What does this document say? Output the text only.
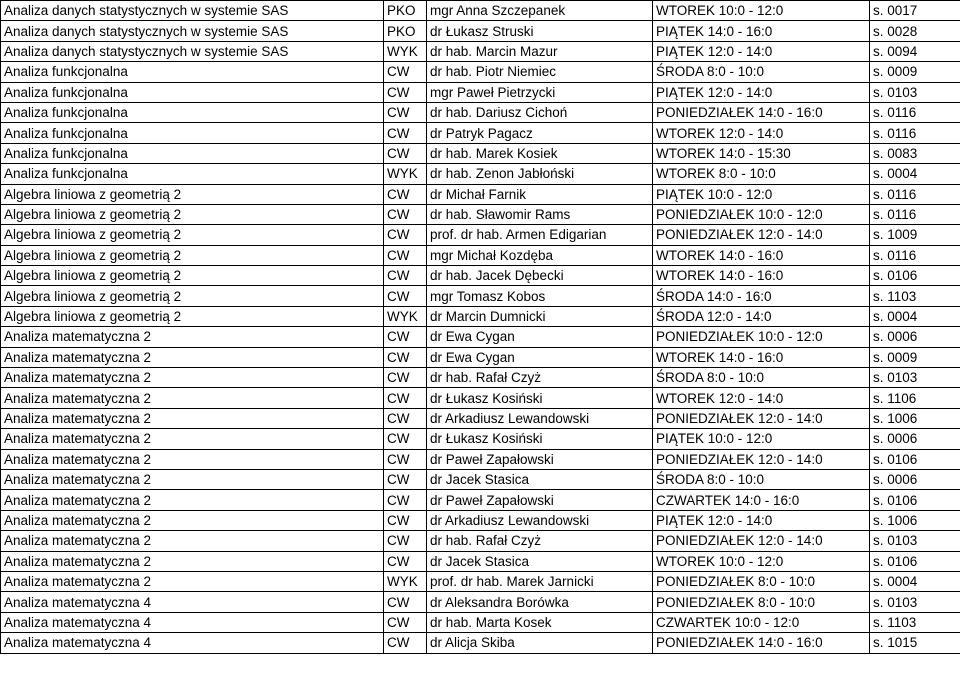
Analiza danych statystycznych w systemie SAS	PKO	mgr Anna Szczepanek	WTOREK 10:0 - 12:0	s. 0017
Analiza danych statystycznych w systemie SAS	PKO	dr Łukasz Struski	PIĄTEK 14:0 - 16:0	s. 0028
Analiza danych statystycznych w systemie SAS	WYK	dr hab. Marcin Mazur	PIĄTEK 12:0 - 14:0	s. 0094
Analiza funkcjonalna	CW	dr hab. Piotr Niemiec	ŚRODA 8:0 - 10:0	s. 0009
Analiza funkcjonalna	CW	mgr Paweł Pietrzycki	PIĄTEK 12:0 - 14:0	s. 0103
Analiza funkcjonalna	CW	dr hab. Dariusz Cichoń	PONIEDZIAŁEK 14:0 - 16:0	s. 0116
Analiza funkcjonalna	CW	dr Patryk Pagacz	WTOREK 12:0 - 14:0	s. 0116
Analiza funkcjonalna	CW	dr hab. Marek Kosiek	WTOREK 14:0 - 15:30	s. 0083
Analiza funkcjonalna	WYK	dr hab. Zenon Jabłoński	WTOREK 8:0 - 10:0	s. 0004
Algebra liniowa z geometrią 2	CW	dr Michał Farnik	PIĄTEK 10:0 - 12:0	s. 0116
Algebra liniowa z geometrią 2	CW	dr hab. Sławomir Rams	PONIEDZIAŁEK 10:0 - 12:0	s. 0116
Algebra liniowa z geometrią 2	CW	prof. dr hab. Armen Edigarian	PONIEDZIAŁEK 12:0 - 14:0	s. 1009
Algebra liniowa z geometrią 2	CW	mgr Michał Kozdęba	WTOREK 14:0 - 16:0	s. 0116
Algebra liniowa z geometrią 2	CW	dr hab. Jacek Dębecki	WTOREK 14:0 - 16:0	s. 0106
Algebra liniowa z geometrią 2	CW	mgr Tomasz Kobos	ŚRODA 14:0 - 16:0	s. 1103
Algebra liniowa z geometrią 2	WYK	dr Marcin Dumnicki	ŚRODA 12:0 - 14:0	s. 0004
Analiza matematyczna 2	CW	dr Ewa Cygan	PONIEDZIAŁEK 10:0 - 12:0	s. 0006
Analiza matematyczna 2	CW	dr Ewa Cygan	WTOREK 14:0 - 16:0	s. 0009
Analiza matematyczna 2	CW	dr hab. Rafał Czyż	ŚRODA 8:0 - 10:0	s. 0103
Analiza matematyczna 2	CW	dr Łukasz Kosiński	WTOREK 12:0 - 14:0	s. 1106
Analiza matematyczna 2	CW	dr Arkadiusz Lewandowski	PONIEDZIAŁEK 12:0 - 14:0	s. 1006
Analiza matematyczna 2	CW	dr Łukasz Kosiński	PIĄTEK 10:0 - 12:0	s. 0006
Analiza matematyczna 2	CW	dr Paweł Zapałowski	PONIEDZIAŁEK 12:0 - 14:0	s. 0106
Analiza matematyczna 2	CW	dr Jacek Stasica	ŚRODA 8:0 - 10:0	s. 0006
Analiza matematyczna 2	CW	dr Paweł Zapałowski	CZWARTEK 14:0 - 16:0	s. 0106
Analiza matematyczna 2	CW	dr Arkadiusz Lewandowski	PIĄTEK 12:0 - 14:0	s. 1006
Analiza matematyczna 2	CW	dr hab. Rafał Czyż	PONIEDZIAŁEK 12:0 - 14:0	s. 0103
Analiza matematyczna 2	CW	dr Jacek Stasica	WTOREK 10:0 - 12:0	s. 0106
Analiza matematyczna 2	WYK	prof. dr hab. Marek Jarnicki	PONIEDZIAŁEK 8:0 - 10:0	s. 0004
Analiza matematyczna 4	CW	dr Aleksandra Borówka	PONIEDZIAŁEK 8:0 - 10:0	s. 0103
Analiza matematyczna 4	CW	dr hab. Marta Kosek	CZWARTEK 10:0 - 12:0	s. 1103
Analiza matematyczna 4	CW	dr Alicja Skiba	PONIEDZIAŁEK 14:0 - 16:0	s. 1015
